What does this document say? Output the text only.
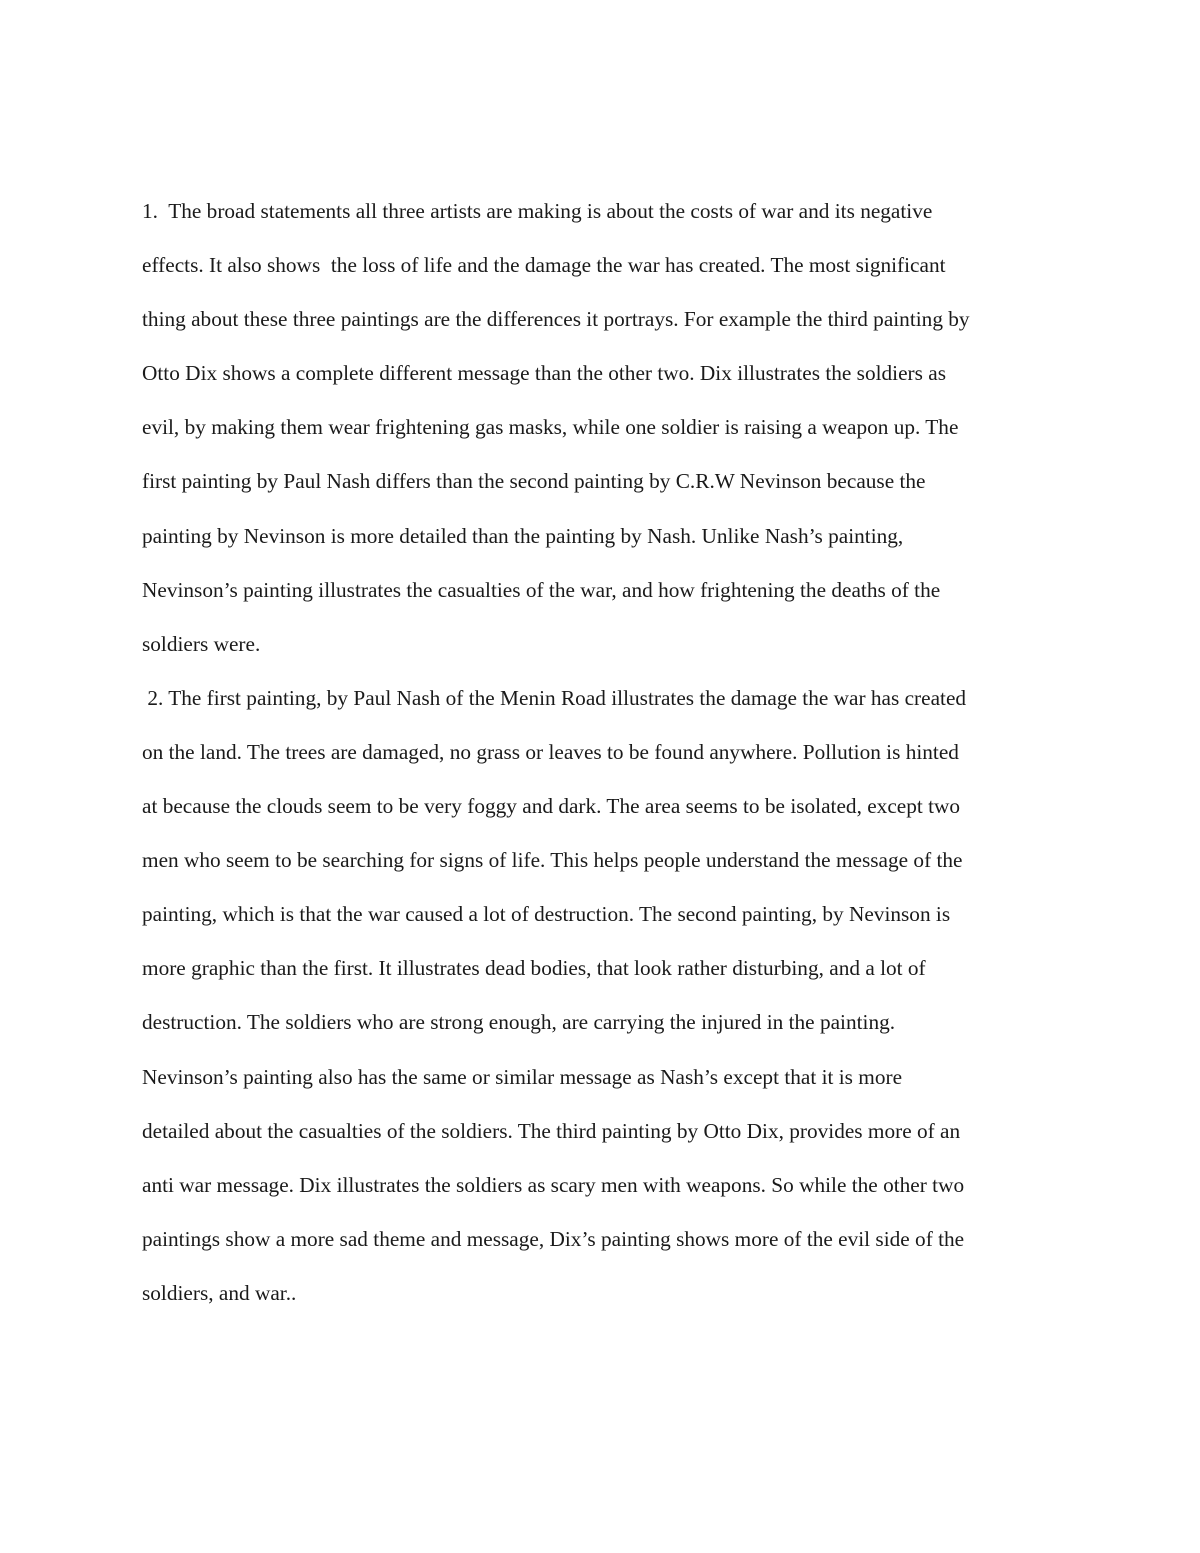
1.  The broad statements all three artists are making is about the costs of war and its negative
effects. It also shows  the loss of life and the damage the war has created. The most significant
thing about these three paintings are the differences it portrays. For example the third painting by
Otto Dix shows a complete different message than the other two. Dix illustrates the soldiers as
evil, by making them wear frightening gas masks, while one soldier is raising a weapon up. The
first painting by Paul Nash differs than the second painting by C.R.W Nevinson because the
painting by Nevinson is more detailed than the painting by Nash. Unlike Nash’s painting,
Nevinson’s painting illustrates the casualties of the war, and how frightening the deaths of the
soldiers were.
2. The first painting, by Paul Nash of the Menin Road illustrates the damage the war has created
on the land. The trees are damaged, no grass or leaves to be found anywhere. Pollution is hinted
at because the clouds seem to be very foggy and dark. The area seems to be isolated, except two
men who seem to be searching for signs of life. This helps people understand the message of the
painting, which is that the war caused a lot of destruction. The second painting, by Nevinson is
more graphic than the first. It illustrates dead bodies, that look rather disturbing, and a lot of
destruction. The soldiers who are strong enough, are carrying the injured in the painting.
Nevinson’s painting also has the same or similar message as Nash’s except that it is more
detailed about the casualties of the soldiers. The third painting by Otto Dix, provides more of an
anti war message. Dix illustrates the soldiers as scary men with weapons. So while the other two
paintings show a more sad theme and message, Dix’s painting shows more of the evil side of the
soldiers, and war..
